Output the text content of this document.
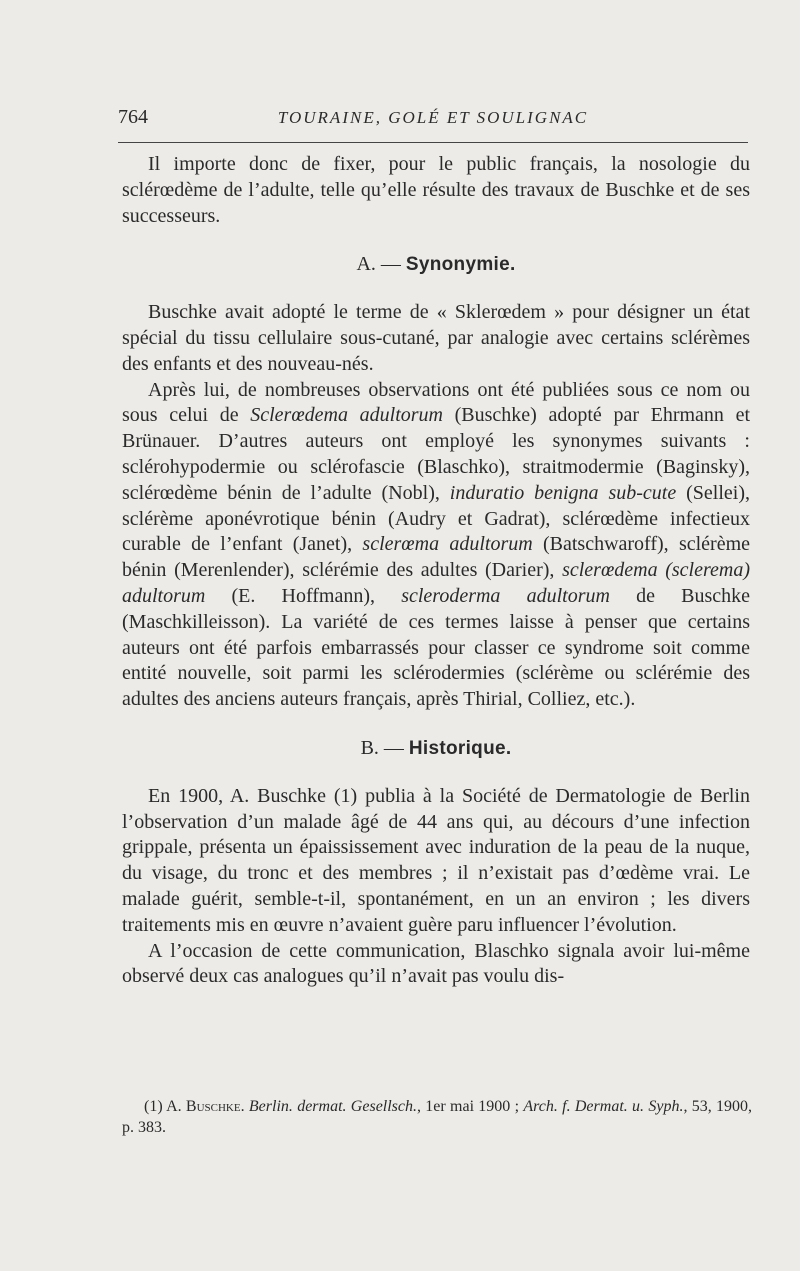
764	TOURAINE, GOLÉ ET SOULIGNAC

Il importe donc de fixer, pour le public français, la nosologie du sclérœdème de l’adulte, telle qu’elle résulte des travaux de Buschke et de ses successeurs.

A. — Synonymie.

Buschke avait adopté le terme de « Sklerœdem » pour désigner un état spécial du tissu cellulaire sous-cutané, par analogie avec certains sclérèmes des enfants et des nouveau-nés.

Après lui, de nombreuses observations ont été publiées sous ce nom ou sous celui de Sclerœdema adultorum (Buschke) adopté par Ehrmann et Brünauer. D’autres auteurs ont employé les synonymes suivants : sclérohypodermie ou sclérofascie (Blaschko), straitmodermie (Baginsky), sclérœdème bénin de l’adulte (Nobl), induratio benigna sub-cute (Sellei), sclérème aponévrotique bénin (Audry et Gadrat), sclérœdème infectieux curable de l’enfant (Janet), sclerœma adultorum (Batschwaroff), sclérème bénin (Merenlender), sclérémie des adultes (Darier), sclerœdema (sclerema) adultorum (E. Hoffmann), scleroderma adultorum de Buschke (Maschkilleisson). La variété de ces termes laisse à penser que certains auteurs ont été parfois embarrassés pour classer ce syndrome soit comme entité nouvelle, soit parmi les sclérodermies (sclérème ou sclérémie des adultes des anciens auteurs français, après Thirial, Colliez, etc.).

B. — Historique.

En 1900, A. Buschke (1) publia à la Société de Dermatologie de Berlin l’observation d’un malade âgé de 44 ans qui, au décours d’une infection grippale, présenta un épaississement avec induration de la peau de la nuque, du visage, du tronc et des membres ; il n’existait pas d’œdème vrai. Le malade guérit, semble-t-il, spontanément, en un an environ ; les divers traitements mis en œuvre n’avaient guère paru influencer l’évolution.

A l’occasion de cette communication, Blaschko signala avoir lui-même observé deux cas analogues qu’il n’avait pas voulu dis-

(1) A. Buschke. Berlin. dermat. Gesellsch., 1er mai 1900 ; Arch. f. Dermat. u. Syph., 53, 1900, p. 383.
